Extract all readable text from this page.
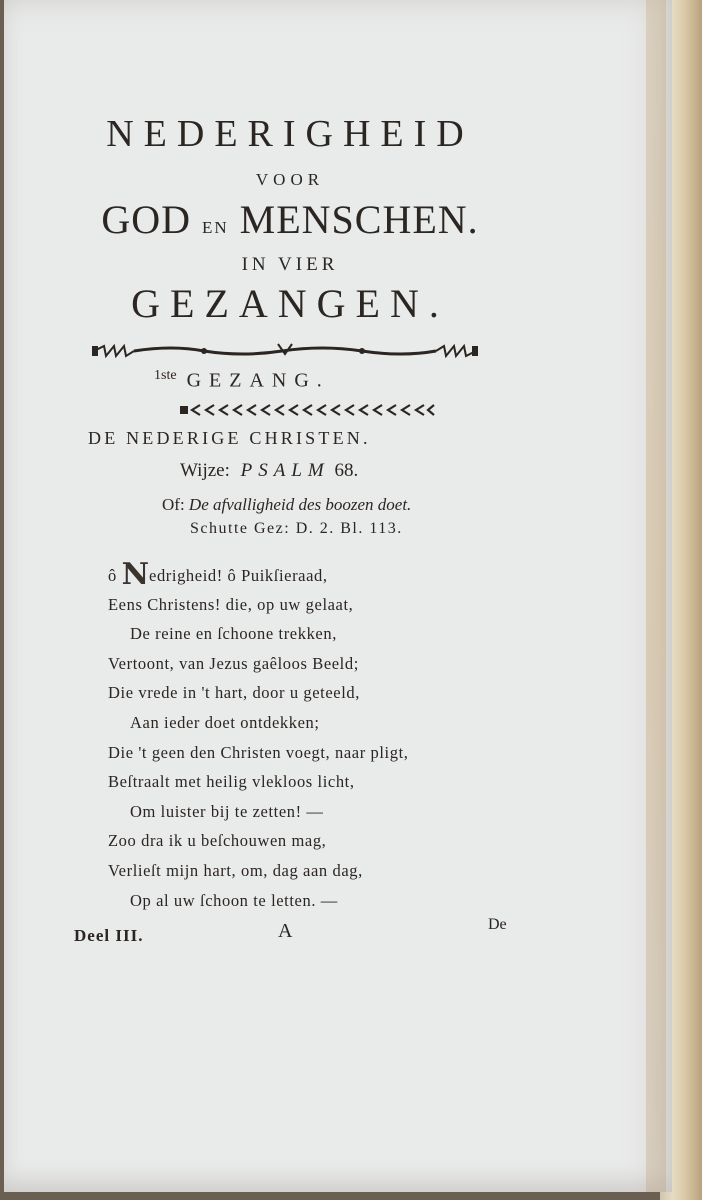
NEDERIGHEID
VOOR
GOD EN MENSCHEN.
IN VIER
GEZANGEN.
$^{1ste}$ GEZANG.
DE NEDERIGE CHRISTEN.
Wijze: PSALM 68.
Of: De afvalligheid des boozen doet.
Schutte Gez: D. 2. Bl. 113.
ô Nedrigheid! ô Puikſieraad,
Eens Christens! die, op uw gelaat,
De reine en ſchoone trekken,
Vertoont, van Jezus gaêloos Beeld;
Die vrede in 't hart, door u geteeld,
Aan ieder doet ontdekken;
Die 't geen den Christen voegt, naar pligt,
Beſtraalt met heilig vlekloos licht,
Om luister bij te zetten! —
Zoo dra ik u beſchouwen mag,
Verlieſt mijn hart, om, dag aan dag,
Op al uw ſchoon te letten. —
Deel III.	A	De
